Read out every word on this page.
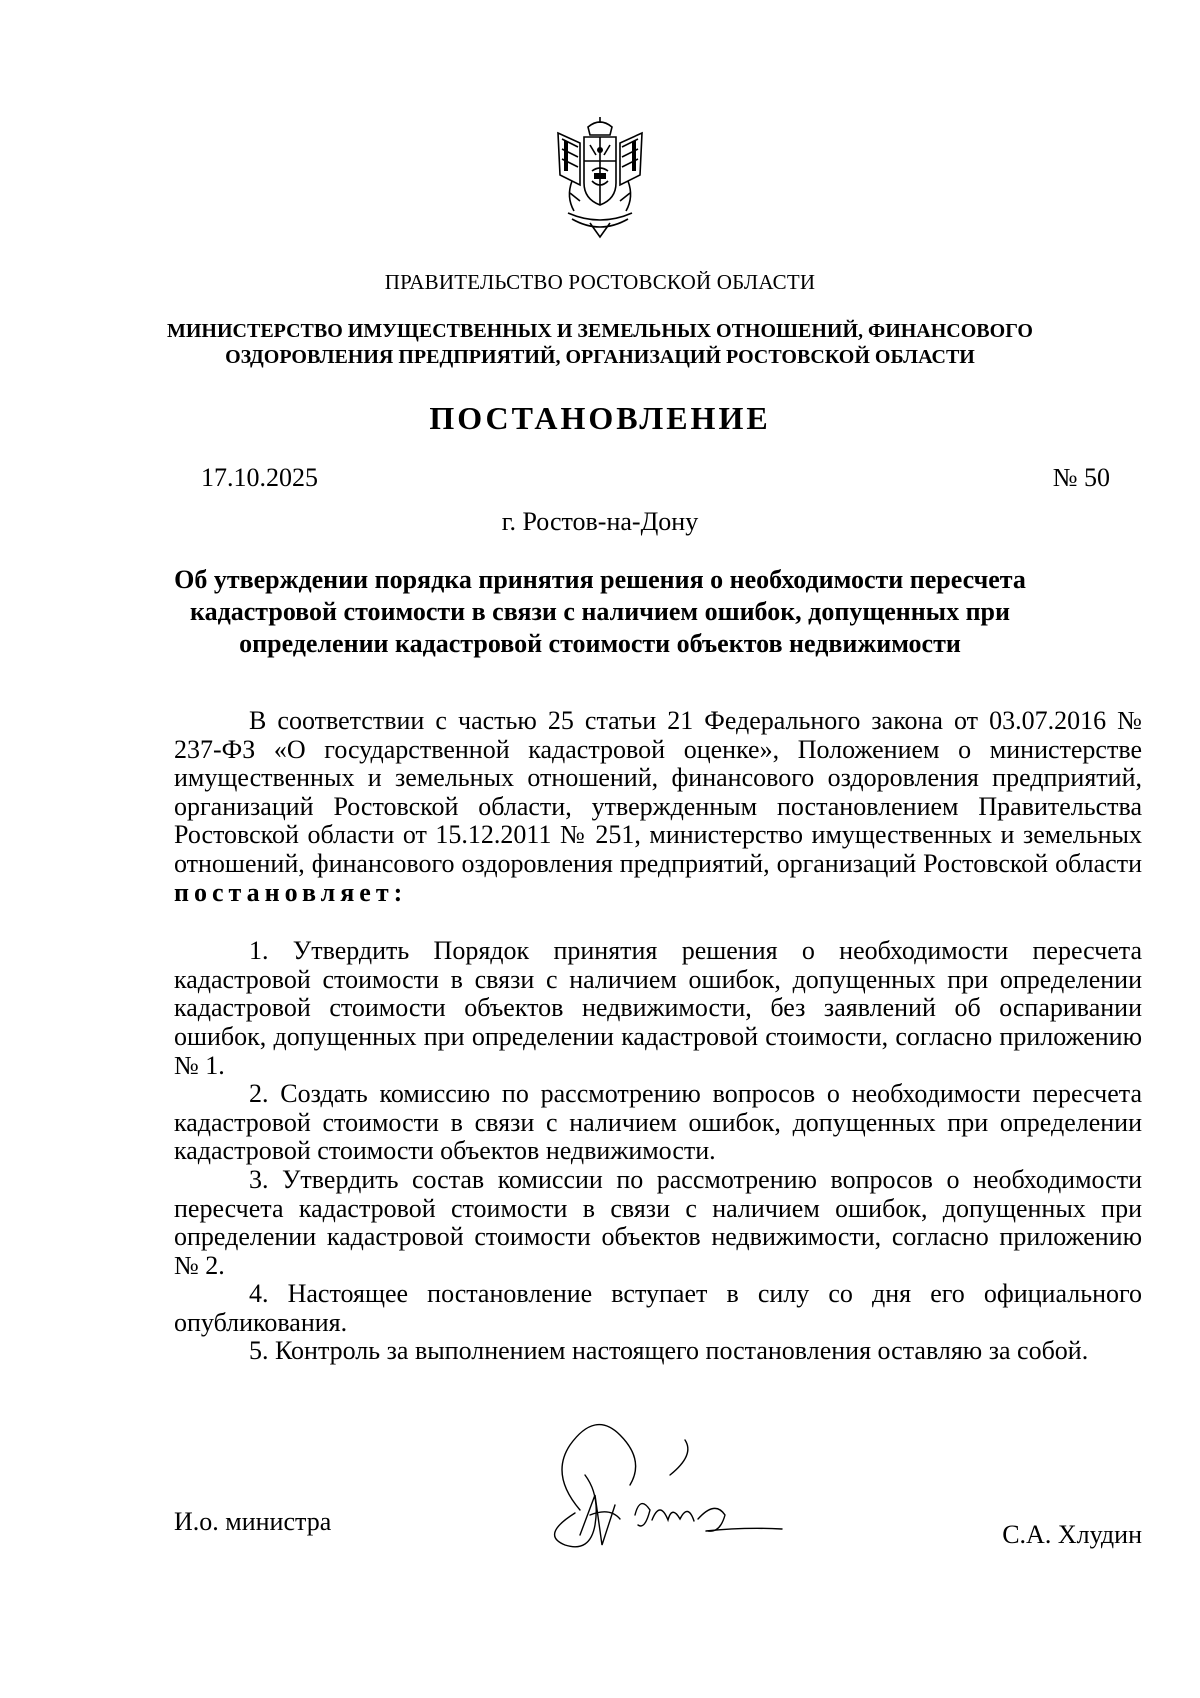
ПРАВИТЕЛЬСТВО РОСТОВСКОЙ ОБЛАСТИ
МИНИСТЕРСТВО ИМУЩЕСТВЕННЫХ И ЗЕМЕЛЬНЫХ ОТНОШЕНИЙ, ФИНАНСОВОГО
ОЗДОРОВЛЕНИЯ ПРЕДПРИЯТИЙ, ОРГАНИЗАЦИЙ РОСТОВСКОЙ ОБЛАСТИ
ПОСТАНОВЛЕНИЕ
17.10.2025	№ 50
г. Ростов-на-Дону
Об утверждении порядка принятия решения о необходимости пересчета
кадастровой стоимости в связи с наличием ошибок, допущенных при
определении кадастровой стоимости объектов недвижимости

В соответствии с частью 25 статьи 21 Федерального закона от 03.07.2016 № 237-ФЗ «О государственной кадастровой оценке», Положением о министерстве имущественных и земельных отношений, финансового оздоровления предприятий, организаций Ростовской области, утвержденным постановлением Правительства Ростовской области от 15.12.2011 № 251, министерство имущественных и земельных отношений, финансового оздоровления предприятий, организаций Ростовской области постановляет:

1. Утвердить Порядок принятия решения о необходимости пересчета кадастровой стоимости в связи с наличием ошибок, допущенных при определении кадастровой стоимости объектов недвижимости, без заявлений об оспаривании ошибок, допущенных при определении кадастровой стоимости, согласно приложению № 1.

2. Создать комиссию по рассмотрению вопросов о необходимости пересчета кадастровой стоимости в связи с наличием ошибок, допущенных при определении кадастровой стоимости объектов недвижимости.

3. Утвердить состав комиссии по рассмотрению вопросов о необходимости пересчета кадастровой стоимости в связи с наличием ошибок, допущенных при определении кадастровой стоимости объектов недвижимости, согласно приложению № 2.

4. Настоящее постановление вступает в силу со дня его официального опубликования.

5. Контроль за выполнением настоящего постановления оставляю за собой.

И.о. министра	С.А. Хлудин
